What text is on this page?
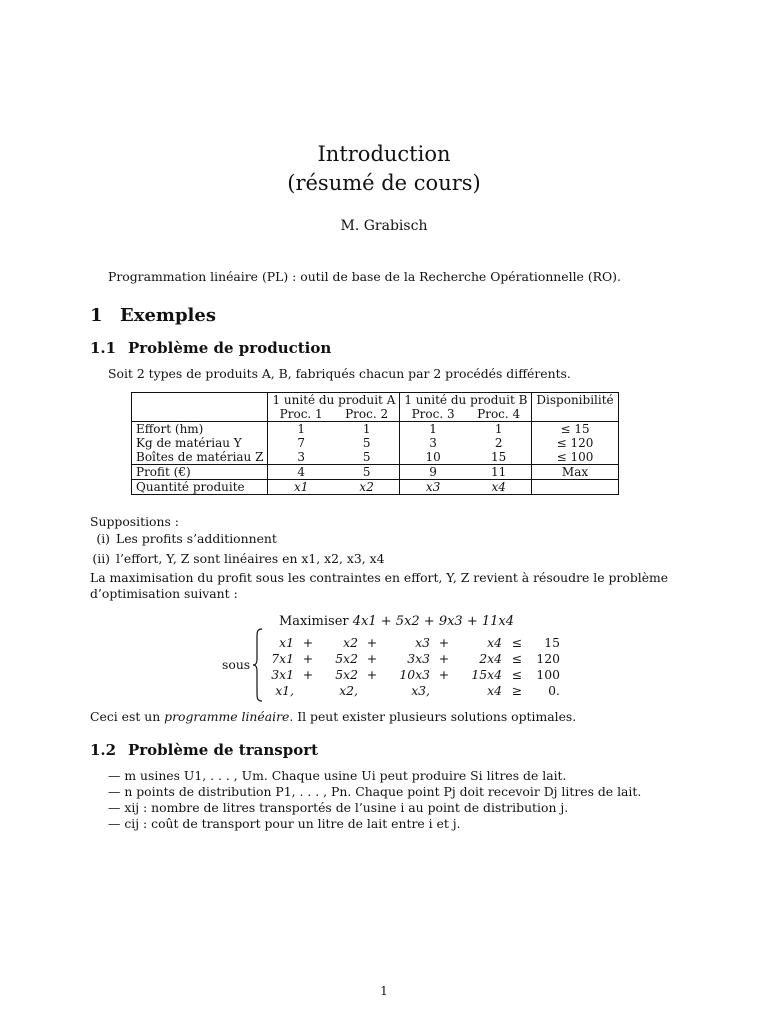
Introduction
(résumé de cours)
M. Grabisch
Programmation linéaire (PL) : outil de base de la Recherche Opérationnelle (RO).
1 Exemples
1.1 Problème de production
Soit 2 types de produits A, B, fabriqués chacun par 2 procédés différents.
	1 unité du produit A		1 unité du produit B		Disponibilité
	Proc. 1	Proc. 2	Proc. 3	Proc. 4	
Effort (hm)	1	1	1	1	≤ 15
Kg de matériau Y	7	5	3	2	≤ 120
Boîtes de matériau Z	3	5	10	15	≤ 100
Profit (€)	4	5	9	11	Max
Quantité produite	x1	x2	x3	x4	
Suppositions :
(i) Les profits s’additionnent
(ii) l’effort, Y, Z sont linéaires en x1, x2, x3, x4
La maximisation du profit sous les contraintes en effort, Y, Z revient à résoudre le problème d’optimisation suivant :
Maximiser 4x1 + 5x2 + 9x3 + 11x4
sous
x1	+	x2	+	x3	+	x4	≤	15
7x1	+	5x2	+	3x3	+	2x4	≤	120
3x1	+	5x2	+	10x3	+	15x4	≤	100
x1,		x2,		x3,		x4	≥	0.
Ceci est un programme linéaire. Il peut exister plusieurs solutions optimales.
1.2 Problème de transport
— m usines U1, . . . , Um. Chaque usine Ui peut produire Si litres de lait.
— n points de distribution P1, . . . , Pn. Chaque point Pj doit recevoir Dj litres de lait.
— xij : nombre de litres transportés de l’usine i au point de distribution j.
— cij : coût de transport pour un litre de lait entre i et j.
1
